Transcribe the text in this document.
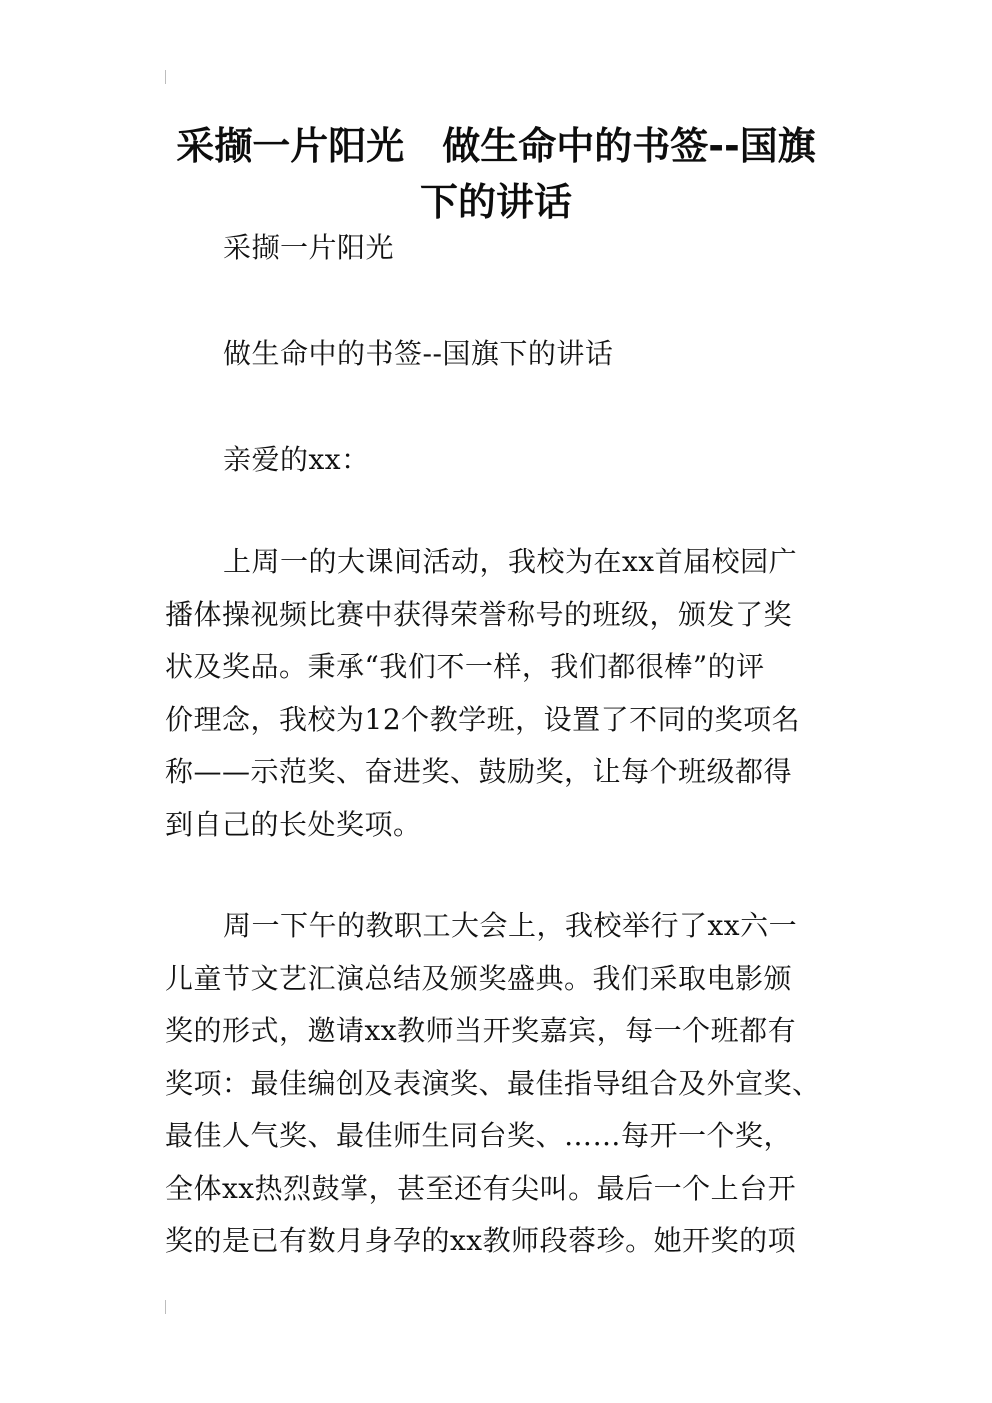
采撷一片阳光　做生命中的书签--国旗下的讲话

采撷一片阳光

做生命中的书签--国旗下的讲话

亲爱的xx：

上周一的大课间活动，我校为在xx首届校园广
播体操视频比赛中获得荣誉称号的班级，颁发了奖
状及奖品。秉承“我们不一样，我们都很棒”的评
价理念，我校为12个教学班，设置了不同的奖项名
称——示范奖、奋进奖、鼓励奖，让每个班级都得
到自己的长处奖项。

周一下午的教职工大会上，我校举行了xx六一
儿童节文艺汇演总结及颁奖盛典。我们采取电影颁
奖的形式，邀请xx教师当开奖嘉宾，每一个班都有
奖项：最佳编创及表演奖、最佳指导组合及外宣奖、
最佳人气奖、最佳师生同台奖、……每开一个奖，
全体xx热烈鼓掌，甚至还有尖叫。最后一个上台开
奖的是已有数月身孕的xx教师段蓉珍。她开奖的项
